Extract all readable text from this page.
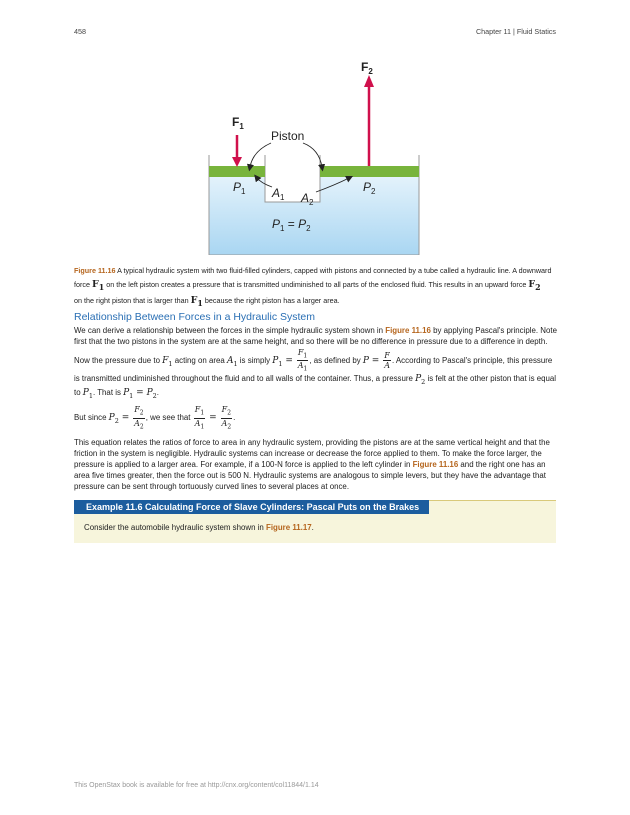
458	Chapter 11 | Fluid Statics
$F_2$
$F_1$
Piston
$P_1$ $A_1$ $A_2$
$P_2$
$P_1 = P_2$
Figure 11.16 A typical hydraulic system with two fluid-filled cylinders, capped with pistons and connected by a tube called a hydraulic line. A downward force $F_1$ on the left piston creates a pressure that is transmitted undiminished to all parts of the enclosed fluid. This results in an upward force $F_2$
on the right piston that is larger than $F_1$ because the right piston has a larger area.
Relationship Between Forces in a Hydraulic System
We can derive a relationship between the forces in the simple hydraulic system shown in Figure 11.16 by applying Pascal's principle. Note first that the two pistons in the system are at the same height, and so there will be no difference in pressure due to a difference in depth. Now the pressure due to $F_1$ acting on area $A_1$ is simply $P_1 = \frac{F_1}{A_1}$ , as defined by $P = \frac{F}{A}$ . According to Pascal's principle, this pressure is transmitted undiminished throughout the fluid and to all walls of the container. Thus, a pressure $P_2$ is felt at the other piston that is equal to $P_1$. That is $P_1 = P_2$.
But since $P_2 = \frac{F_2}{A_2}$ , we see that $\frac{F_1}{A_1} = \frac{F_2}{A_2}$ .
This equation relates the ratios of force to area in any hydraulic system, providing the pistons are at the same vertical height and that the friction in the system is negligible. Hydraulic systems can increase or decrease the force applied to them. To make the force larger, the pressure is applied to a larger area. For example, if a 100-N force is applied to the left cylinder in Figure 11.16 and the right one has an area five times greater, then the force out is 500 N. Hydraulic systems are analogous to simple levers, but they have the advantage that pressure can be sent through tortuously curved lines to several places at once.
Example 11.6 Calculating Force of Slave Cylinders: Pascal Puts on the Brakes
Consider the automobile hydraulic system shown in Figure 11.17.
This OpenStax book is available for free at http://cnx.org/content/col11844/1.14
